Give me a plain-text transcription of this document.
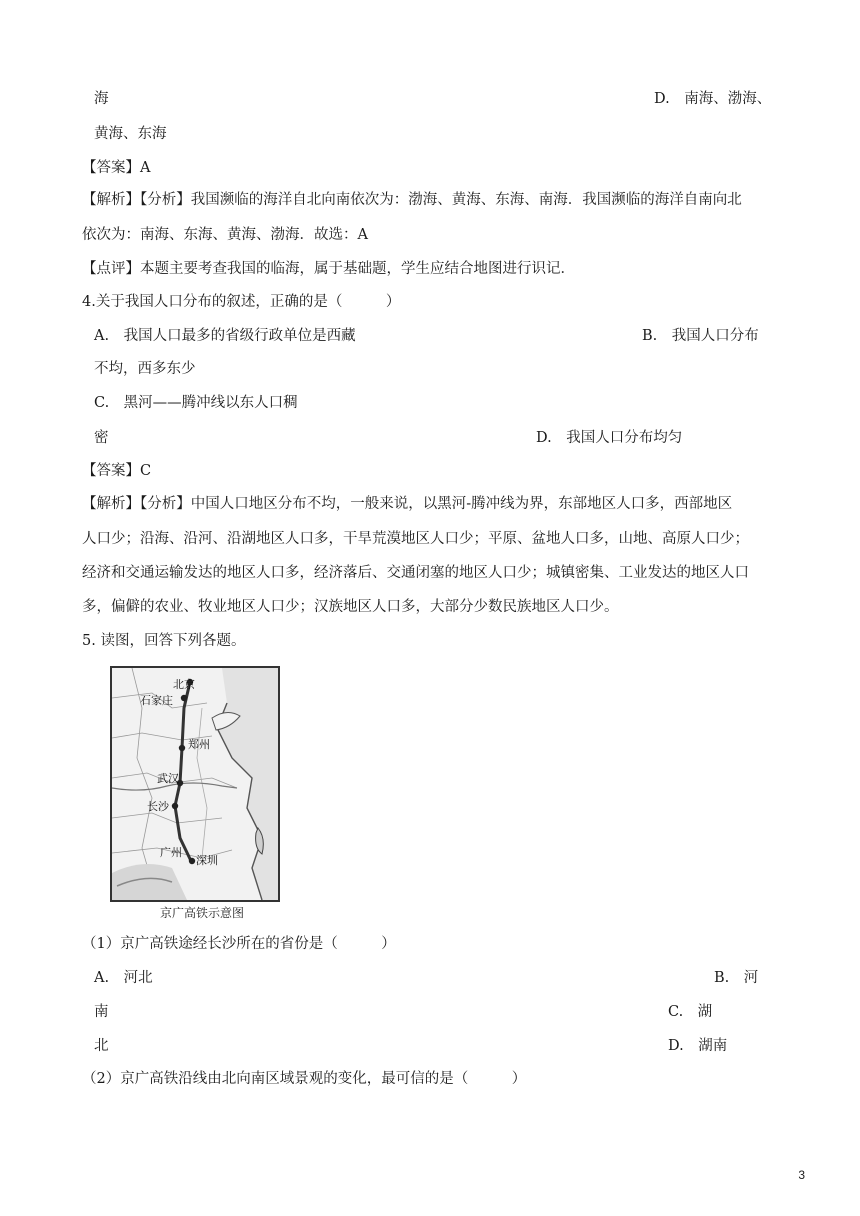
海	D.　南海、渤海、
黄海、东海
【答案】A
【解析】【分析】我国濒临的海洋自北向南依次为：渤海、黄海、东海、南海．我国濒临的海洋自南向北
依次为：南海、东海、黄海、渤海．故选：A
【点评】本题主要考查我国的临海，属于基础题，学生应结合地图进行识记．
4.关于我国人口分布的叙述，正确的是（　　　）
A.　我国人口最多的省级行政单位是西藏	B.　我国人口分布
不均，西多东少
C.　黑河——腾冲线以东人口稠
密	D.　我国人口分布均匀
【答案】C
【解析】【分析】中国人口地区分布不均，一般来说，以黑河-腾冲线为界，东部地区人口多，西部地区
人口少；沿海、沿河、沿湖地区人口多，干旱荒漠地区人口少；平原、盆地人口多，山地、高原人口少；
经济和交通运输发达的地区人口多，经济落后、交通闭塞的地区人口少；城镇密集、工业发达的地区人口
多，偏僻的农业、牧业地区人口少；汉族地区人口多，大部分少数民族地区人口少。
5. 读图，回答下列各题。
北京
石家庄
郑州
武汉
长沙
广州
深圳
京广高铁示意图
（1）京广高铁途经长沙所在的省份是（　　　）
A.　河北	B.　河
南	C.　湖
北	D.　湖南
（2）京广高铁沿线由北向南区域景观的变化，最可信的是（　　　）
3
